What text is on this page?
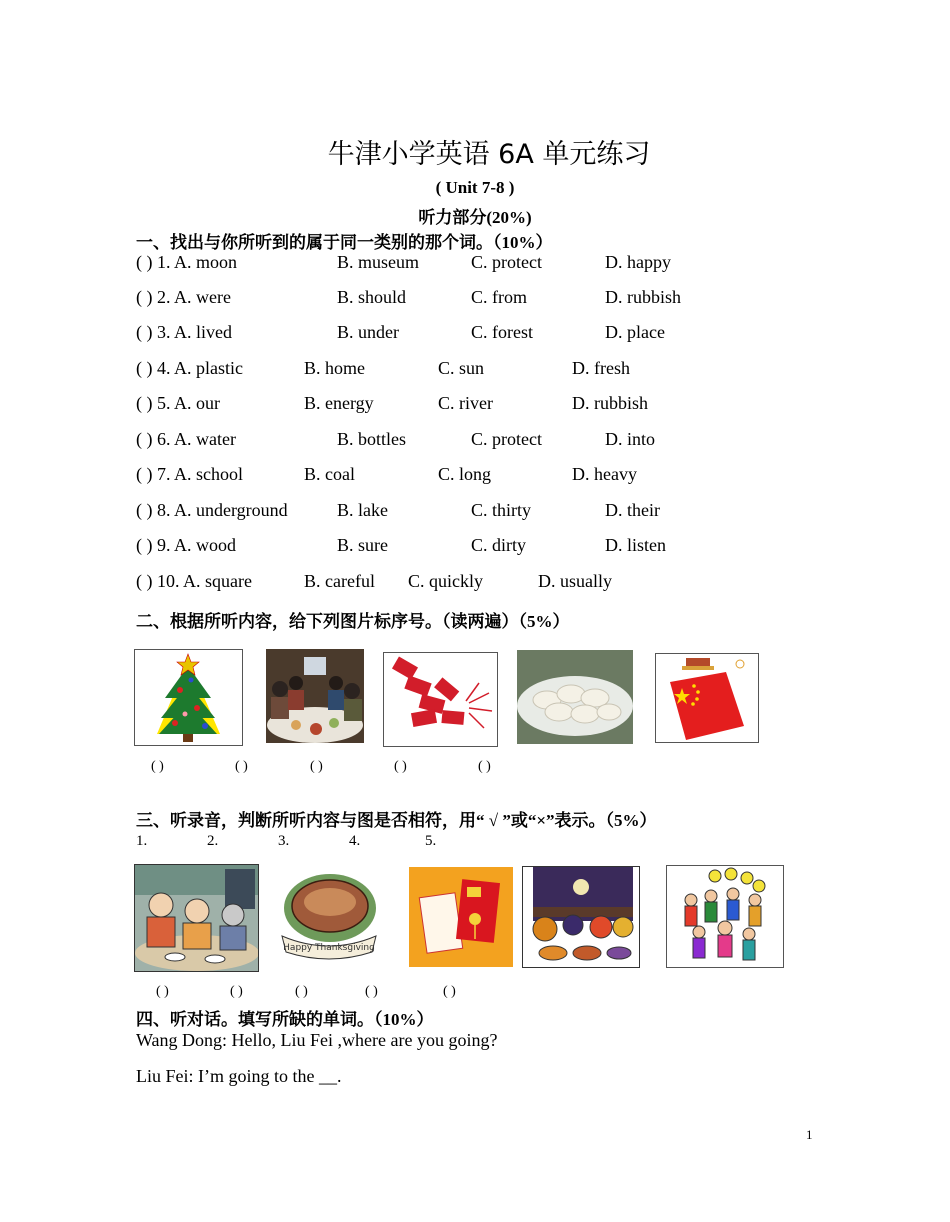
牛津小学英语 6A 单元练习
( Unit 7-8 )
听力部分(20%)
一、找出与你所听到的属于同一类别的那个词。（10%）
( ) 1. A. moon	B. museum	C. protect	D. happy
( ) 2. A. were	B. should	C. from	D. rubbish
( ) 3. A. lived	B. under	C. forest	D. place
( ) 4. A. plastic	B. home	C. sun	D. fresh
( ) 5. A. our	B. energy	C. river	D. rubbish
( ) 6. A. water	B. bottles	C. protect	D. into
( ) 7. A. school	B. coal	C. long	D. heavy
( ) 8. A. underground	B. lake	C. thirty	D. their
( ) 9. A. wood	B. sure	C. dirty	D. listen
( ) 10. A. square	B. careful C. quickly	D. usually
二、根据所听内容，给下列图片标序号。（读两遍）（5%）
( )	( )	( )	( )	( )
三、听录音，判断所听内容与图是否相符，用“ √ ”或“×”表示。（5%）
1.	2.	3.	4.	5.
Happy Thanksgiving
( )	( )	( )	( )	( )
四、听对话。填写所缺的单词。（10%）
Wang Dong: Hello, Liu Fei ,where are you going?
Liu Fei: I’m going to the __.
1
